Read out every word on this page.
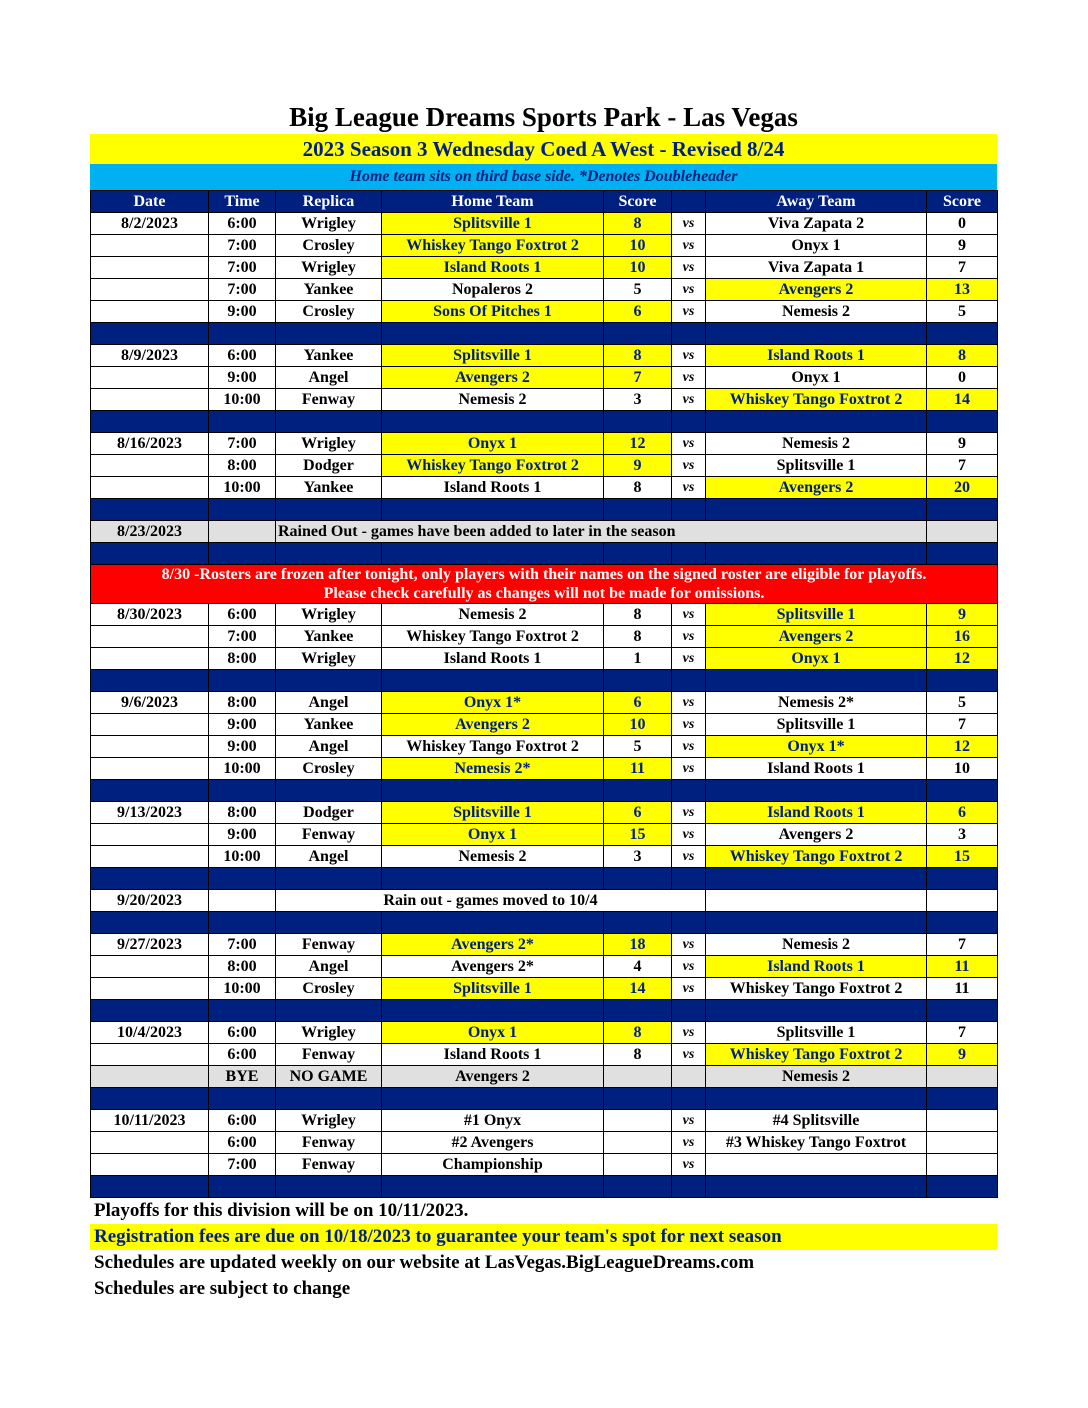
Big League Dreams Sports Park - Las Vegas
2023 Season 3 Wednesday Coed A West - Revised 8/24
Home team sits on third base side. *Denotes Doubleheader
Date	Time	Replica	Home Team	Score		Away Team	Score
8/2/2023	6:00	Wrigley	Splitsville 1	8	vs	Viva Zapata 2	0
	7:00	Crosley	Whiskey Tango Foxtrot 2	10	vs	Onyx 1	9
	7:00	Wrigley	Island Roots 1	10	vs	Viva Zapata 1	7
	7:00	Yankee	Nopaleros 2	5	vs	Avengers 2	13
	9:00	Crosley	Sons Of Pitches 1	6	vs	Nemesis 2	5

8/9/2023	6:00	Yankee	Splitsville 1	8	vs	Island Roots 1	8
	9:00	Angel	Avengers 2	7	vs	Onyx 1	0
	10:00	Fenway	Nemesis 2	3	vs	Whiskey Tango Foxtrot 2	14

8/16/2023	7:00	Wrigley	Onyx 1	12	vs	Nemesis 2	9
	8:00	Dodger	Whiskey Tango Foxtrot 2	9	vs	Splitsville 1	7
	10:00	Yankee	Island Roots 1	8	vs	Avengers 2	20

8/23/2023		Rained Out - games have been added to later in the season					

8/30 -Rosters are frozen after tonight, only players with their names on the signed roster are eligible for playoffs.
Please check carefully as changes will not be made for omissions.							
8/30/2023	6:00	Wrigley	Nemesis 2	8	vs	Splitsville 1	9
	7:00	Yankee	Whiskey Tango Foxtrot 2	8	vs	Avengers 2	16
	8:00	Wrigley	Island Roots 1	1	vs	Onyx 1	12

9/6/2023	8:00	Angel	Onyx 1*	6	vs	Nemesis 2*	5
	9:00	Yankee	Avengers 2	10	vs	Splitsville 1	7
	9:00	Angel	Whiskey Tango Foxtrot 2	5	vs	Onyx 1*	12
	10:00	Crosley	Nemesis 2*	11	vs	Island Roots 1	10

9/13/2023	8:00	Dodger	Splitsville 1	6	vs	Island Roots 1	6
	9:00	Fenway	Onyx 1	15	vs	Avengers 2	3
	10:00	Angel	Nemesis 2	3	vs	Whiskey Tango Foxtrot 2	15

9/20/2023		Rain out - games moved to 10/4					

9/27/2023	7:00	Fenway	Avengers 2*	18	vs	Nemesis 2	7
	8:00	Angel	Avengers 2*	4	vs	Island Roots 1	11
	10:00	Crosley	Splitsville 1	14	vs	Whiskey Tango Foxtrot 2	11

10/4/2023	6:00	Wrigley	Onyx 1	8	vs	Splitsville 1	7
	6:00	Fenway	Island Roots 1	8	vs	Whiskey Tango Foxtrot 2	9
	BYE	NO GAME	Avengers 2			Nemesis 2	

10/11/2023	6:00	Wrigley	#1 Onyx		vs	#4 Splitsville	
	6:00	Fenway	#2 Avengers		vs	#3 Whiskey Tango Foxtrot	
	7:00	Fenway	Championship		vs		

Playoffs for this division will be on 10/11/2023.
Registration fees are due on 10/18/2023 to guarantee your team's spot for next season
Schedules are updated weekly on our website at LasVegas.BigLeagueDreams.com
Schedules are subject to change
